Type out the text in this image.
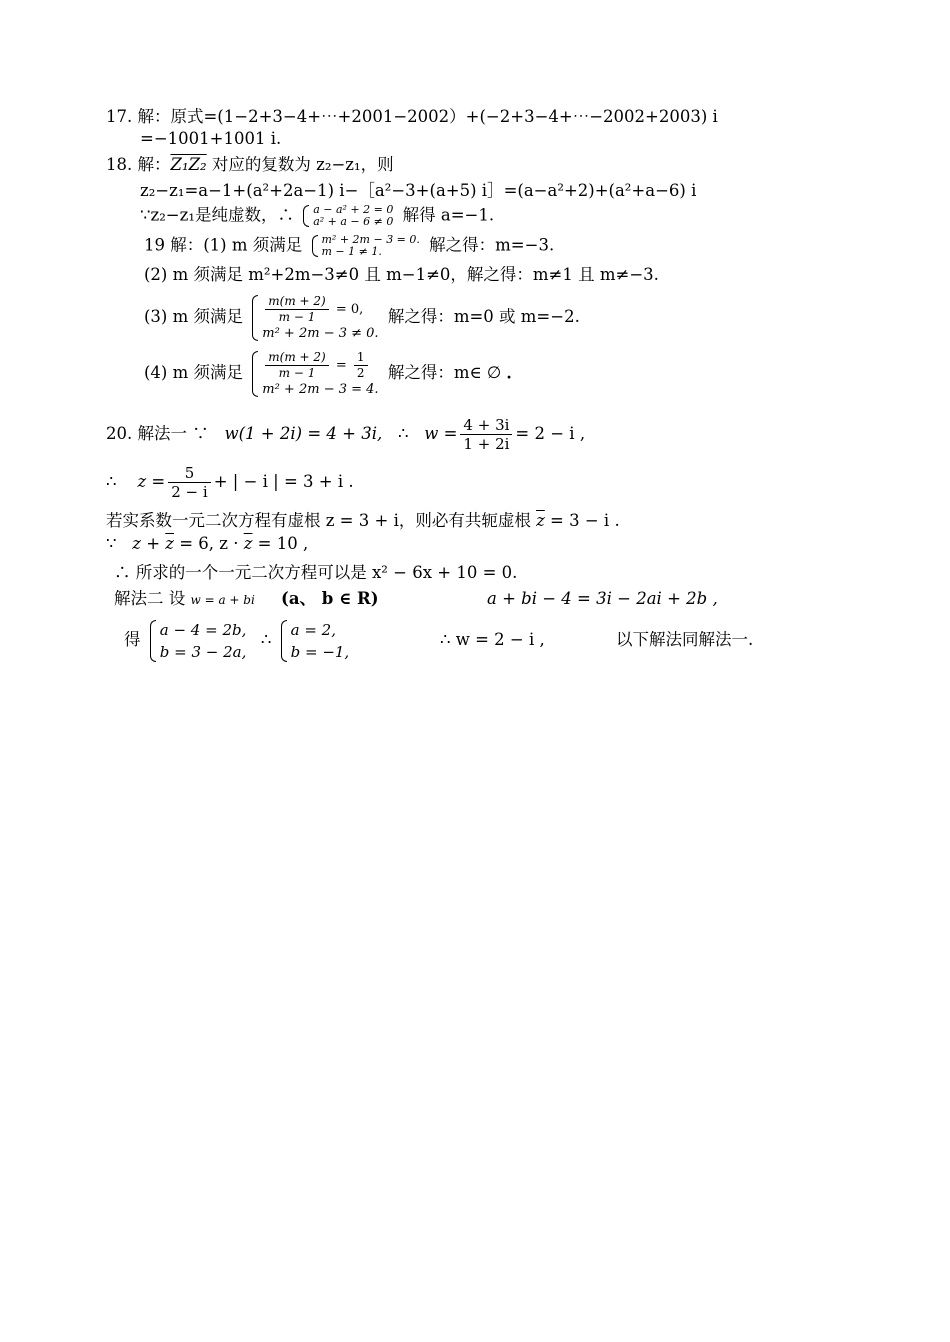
17. 解：原式=(1−2+3−4+⋯+2001−2002）+(−2+3−4+⋯−2002+2003) i
=−1001+1001 i.
18. 解：Z₁Z₂ 对应的复数为 z₂−z₁，则
z₂−z₁=a−1+(a²+2a−1) i−［a²−3+(a+5) i］=(a−a²+2)+(a²+a−6) i
∵z₂−z₁是纯虚数，∴ a − a² + 2 = 0
a² + a − 6 ≠ 0 解得 a=−1.
19 解：(1) m 须满足 m² + 2m − 3 = 0.
m − 1 ≠ 1.	解之得：m=−3.
(2) m 须满足 m²+2m−3≠0 且 m−1≠0，解之得：m≠1 且 m≠−3.
(3) m 须满足 $\frac{m(m + 2)}{m - 1} = 0$,
m² + 2m − 3 ≠ 0.
解之得：m=0 或 m=−2.
(4) m 须满足 $\frac{m(m + 2)}{m - 1} = \frac{1}{2}$
m² + 2m − 3 = 4.
解之得：m∈ ∅ ．
20. 解法一 ∵ w(1 + 2i) = 4 + 3i, ∴ $w = \frac{4 + 3i}{1 + 2i} = 2 - i$ ,
∴ $z = \frac{5}{2 - i}$ + | − i | = 3 + i .
若实系数一元二次方程有虚根 z = 3 + i，则必有共轭虚根 $\overline{z} = 3 - i$ .
∵ $z + \overline{z} = 6$, $z \cdot \overline{z} = 10$ ,
∴ 所求的一个一元二次方程可以是 x² − 6x + 10 = 0.
解法二 设 w = a + bi (a、 b ∈ R)	a + bi − 4 = 3i − 2ai + 2b ,
得
a − 4 = 2b,
b = 3 − 2a,
∴
a = 2,
b = −1,
∴ w = 2 − i ,	以下解法同解法一.
